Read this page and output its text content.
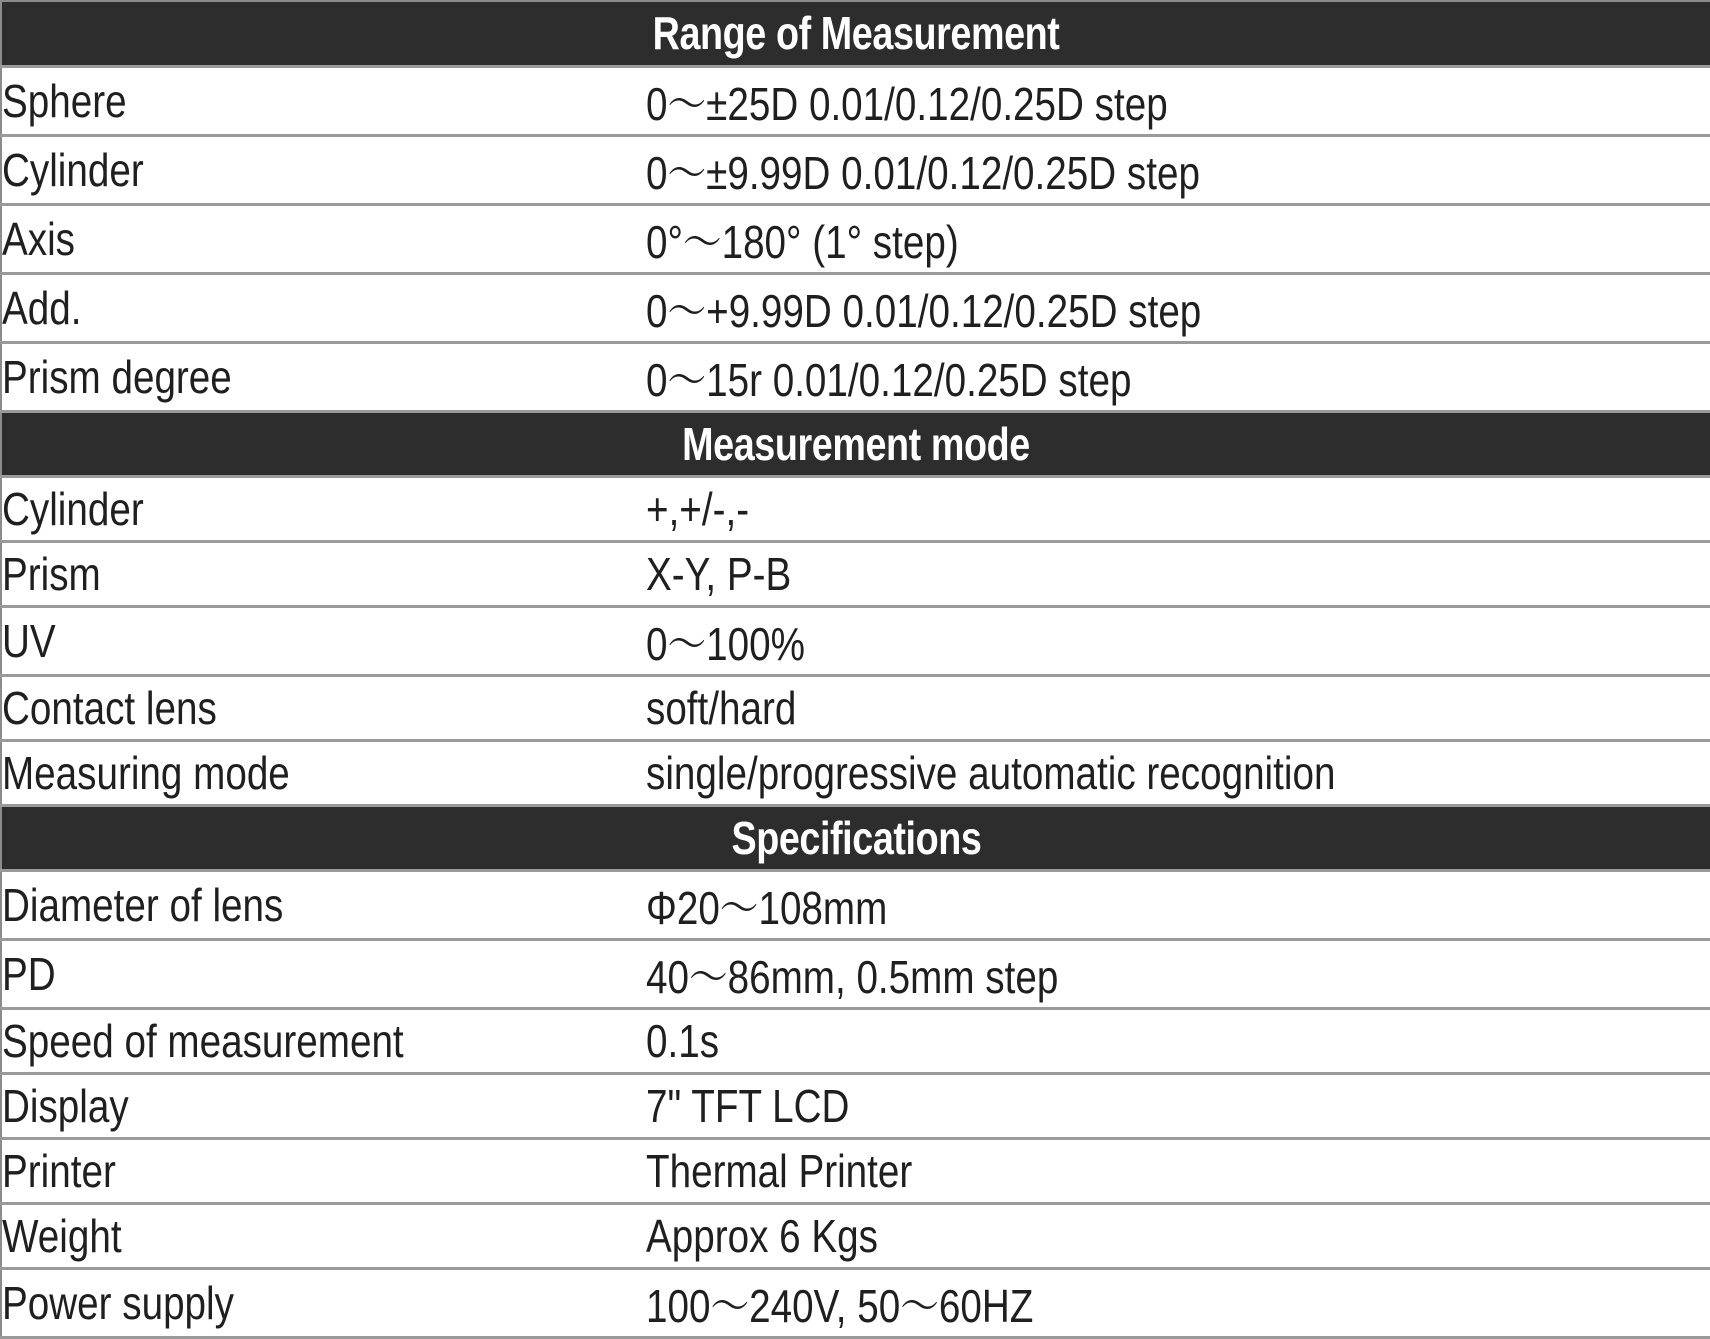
Range of Measurement	
Sphere	0～±25D 0.01/0.12/0.25D step
Cylinder	0～±9.99D 0.01/0.12/0.25D step
Axis	0°～180° (1° step)
Add.	0～+9.99D 0.01/0.12/0.25D step
Prism degree	0～15r 0.01/0.12/0.25D step
Measurement mode	
Cylinder	+,+/-,-
Prism	X-Y, P-B
UV	0～100%
Contact lens	soft/hard
Measuring mode	single/progressive automatic recognition
Specifications	
Diameter of lens	Φ20～108mm
PD	40～86mm, 0.5mm step
Speed of measurement	0.1s
Display	7" TFT LCD
Printer	Thermal Printer
Weight	Approx 6 Kgs
Power supply	100～240V, 50～60HZ
